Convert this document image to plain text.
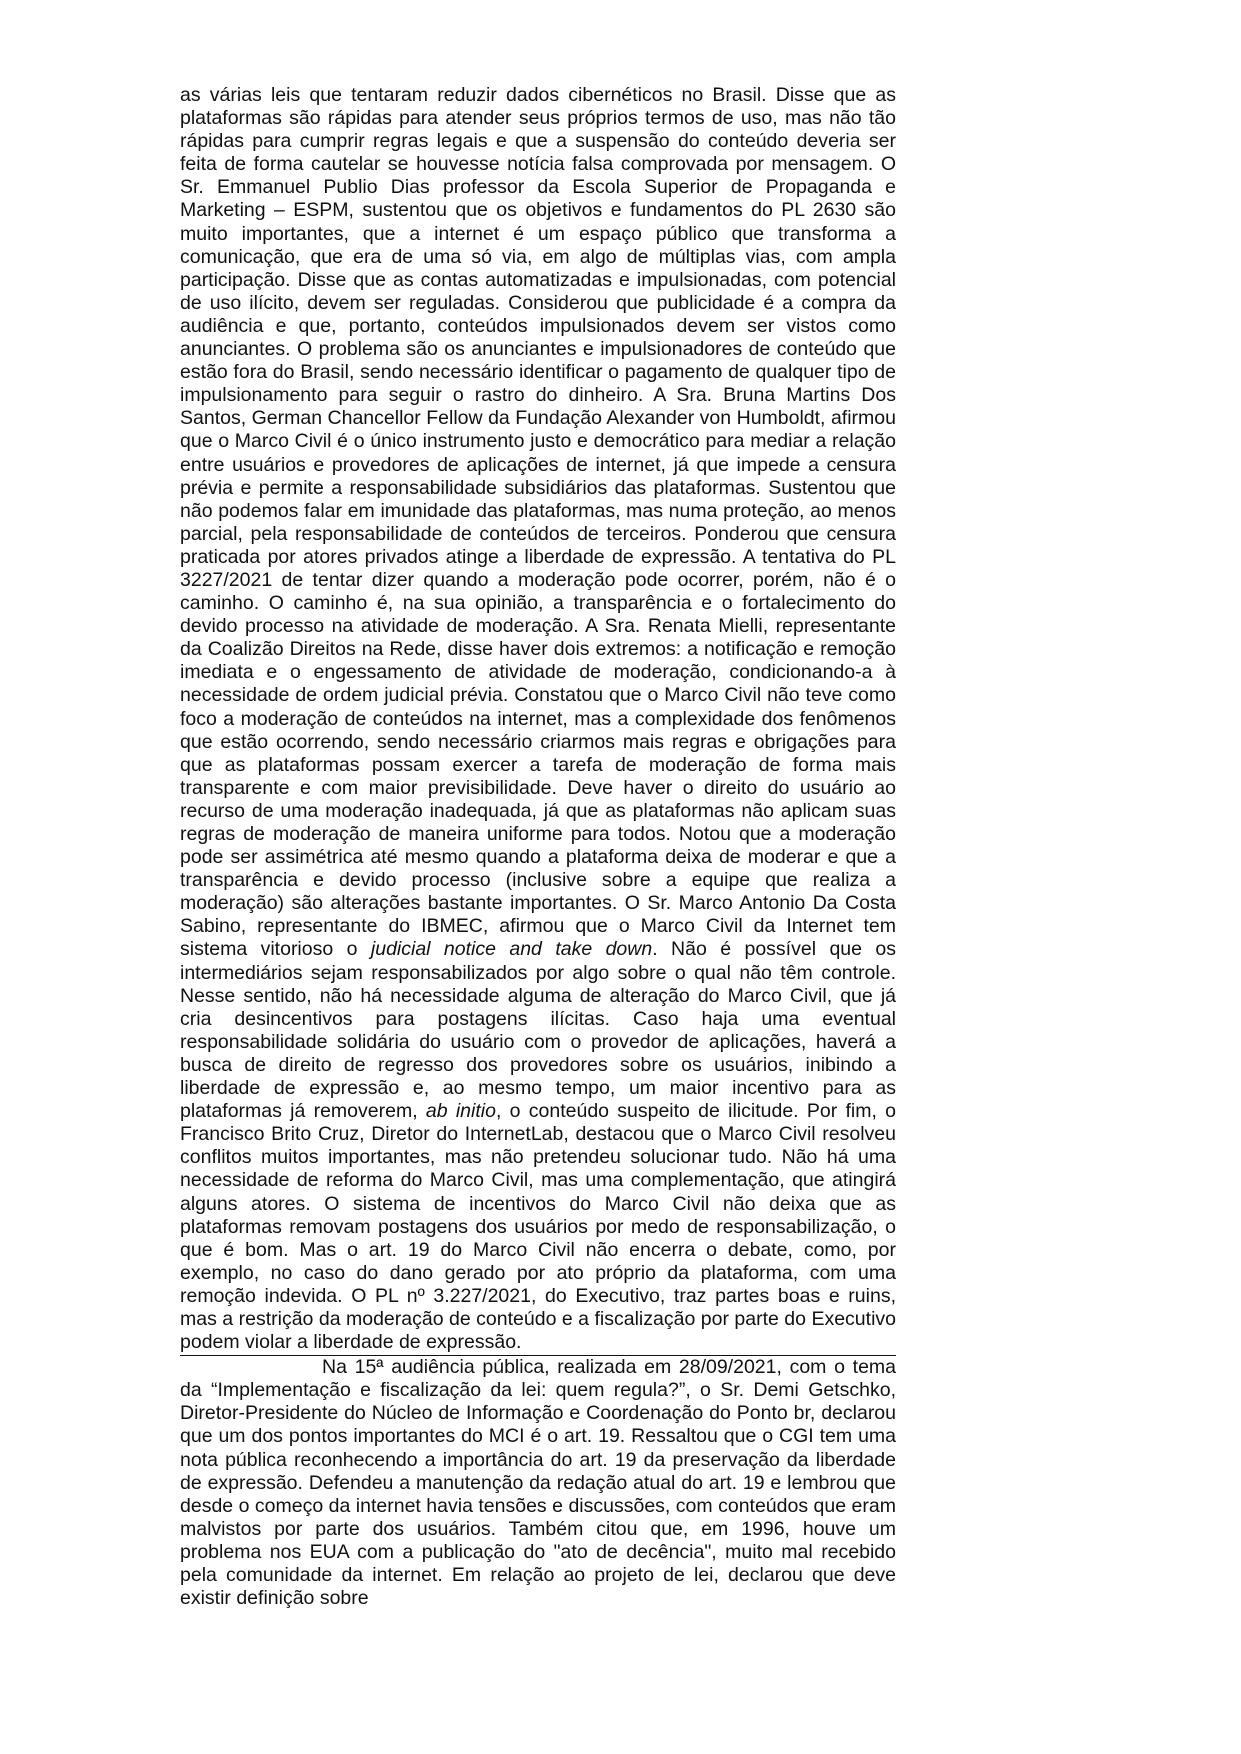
as várias leis que tentaram reduzir dados cibernéticos no Brasil. Disse que as plataformas são rápidas para atender seus próprios termos de uso, mas não tão rápidas para cumprir regras legais e que a suspensão do conteúdo deveria ser feita de forma cautelar se houvesse notícia falsa comprovada por mensagem. O Sr. Emmanuel Publio Dias professor da Escola Superior de Propaganda e Marketing – ESPM, sustentou que os objetivos e fundamentos do PL 2630 são muito importantes, que a internet é um espaço público que transforma a comunicação, que era de uma só via, em algo de múltiplas vias, com ampla participação. Disse que as contas automatizadas e impulsionadas, com potencial de uso ilícito, devem ser reguladas. Considerou que publicidade é a compra da audiência e que, portanto, conteúdos impulsionados devem ser vistos como anunciantes. O problema são os anunciantes e impulsionadores de conteúdo que estão fora do Brasil, sendo necessário identificar o pagamento de qualquer tipo de impulsionamento para seguir o rastro do dinheiro. A Sra. Bruna Martins Dos Santos, German Chancellor Fellow da Fundação Alexander von Humboldt, afirmou que o Marco Civil é o único instrumento justo e democrático para mediar a relação entre usuários e provedores de aplicações de internet, já que impede a censura prévia e permite a responsabilidade subsidiários das plataformas. Sustentou que não podemos falar em imunidade das plataformas, mas numa proteção, ao menos parcial, pela responsabilidade de conteúdos de terceiros. Ponderou que censura praticada por atores privados atinge a liberdade de expressão. A tentativa do PL 3227/2021 de tentar dizer quando a moderação pode ocorrer, porém, não é o caminho. O caminho é, na sua opinião, a transparência e o fortalecimento do devido processo na atividade de moderação. A Sra. Renata Mielli, representante da Coalizão Direitos na Rede, disse haver dois extremos: a notificação e remoção imediata e o engessamento de atividade de moderação, condicionando-a à necessidade de ordem judicial prévia. Constatou que o Marco Civil não teve como foco a moderação de conteúdos na internet, mas a complexidade dos fenômenos que estão ocorrendo, sendo necessário criarmos mais regras e obrigações para que as plataformas possam exercer a tarefa de moderação de forma mais transparente e com maior previsibilidade. Deve haver o direito do usuário ao recurso de uma moderação inadequada, já que as plataformas não aplicam suas regras de moderação de maneira uniforme para todos. Notou que a moderação pode ser assimétrica até mesmo quando a plataforma deixa de moderar e que a transparência e devido processo (inclusive sobre a equipe que realiza a moderação) são alterações bastante importantes. O Sr. Marco Antonio Da Costa Sabino, representante do IBMEC, afirmou que o Marco Civil da Internet tem sistema vitorioso o judicial notice and take down. Não é possível que os intermediários sejam responsabilizados por algo sobre o qual não têm controle. Nesse sentido, não há necessidade alguma de alteração do Marco Civil, que já cria desincentivos para postagens ilícitas. Caso haja uma eventual responsabilidade solidária do usuário com o provedor de aplicações, haverá a busca de direito de regresso dos provedores sobre os usuários, inibindo a liberdade de expressão e, ao mesmo tempo, um maior incentivo para as plataformas já removerem, ab initio, o conteúdo suspeito de ilicitude. Por fim, o Francisco Brito Cruz, Diretor do InternetLab, destacou que o Marco Civil resolveu conflitos muitos importantes, mas não pretendeu solucionar tudo. Não há uma necessidade de reforma do Marco Civil, mas uma complementação, que atingirá alguns atores. O sistema de incentivos do Marco Civil não deixa que as plataformas removam postagens dos usuários por medo de responsabilização, o que é bom. Mas o art. 19 do Marco Civil não encerra o debate, como, por exemplo, no caso do dano gerado por ato próprio da plataforma, com uma remoção indevida. O PL nº 3.227/2021, do Executivo, traz partes boas e ruins, mas a restrição da moderação de conteúdo e a fiscalização por parte do Executivo podem violar a liberdade de expressão.

Na 15ª audiência pública, realizada em 28/09/2021, com o tema da “Implementação e fiscalização da lei: quem regula?”, o Sr. Demi Getschko, Diretor-Presidente do Núcleo de Informação e Coordenação do Ponto br, declarou que um dos pontos importantes do MCI é o art. 19. Ressaltou que o CGI tem uma nota pública reconhecendo a importância do art. 19 da preservação da liberdade de expressão. Defendeu a manutenção da redação atual do art. 19 e lembrou que desde o começo da internet havia tensões e discussões, com conteúdos que eram malvistos por parte dos usuários. Também citou que, em 1996, houve um problema nos EUA com a publicação do "ato de decência", muito mal recebido pela comunidade da internet. Em relação ao projeto de lei, declarou que deve existir definição sobre
